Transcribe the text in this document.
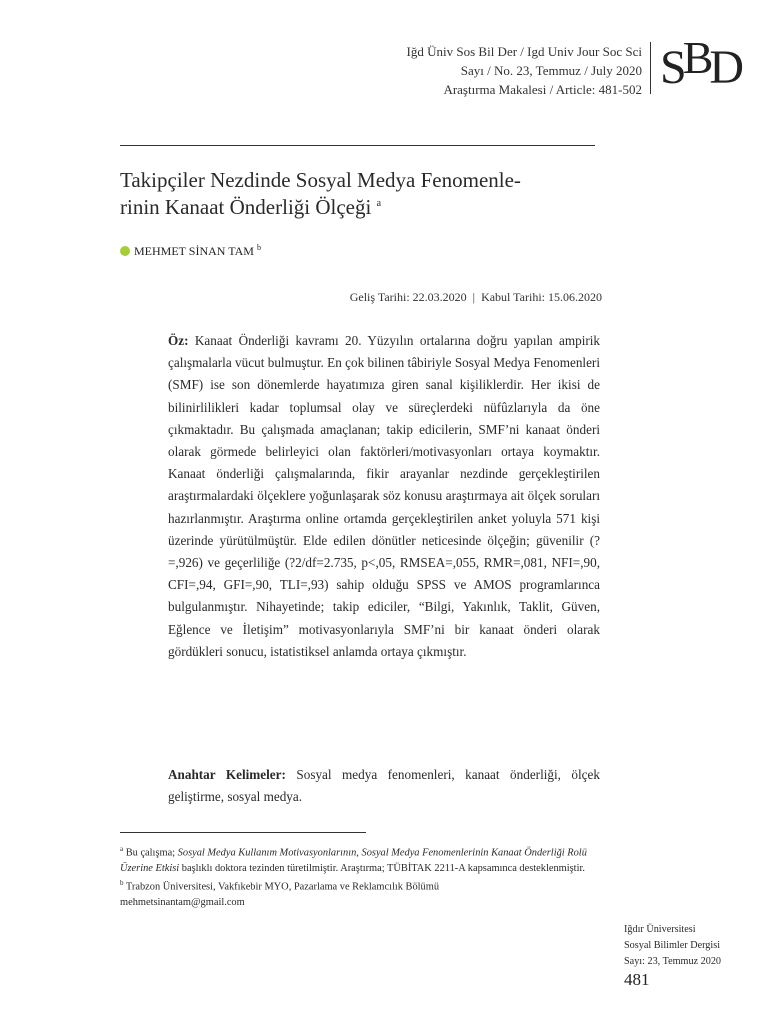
Iğd Üniv Sos Bil Der / Igd Univ Jour Soc Sci
Sayı / No. 23, Temmuz / July 2020
Araştırma Makalesi / Article: 481-502 SBD
Takipçiler Nezdinde Sosyal Medya Fenomenle-
rinin Kanaat Önderliği Ölçeği $^a$
MEHMET SİNAN TAM $^b$
Geliş Tarihi: 22.03.2020 | Kabul Tarihi: 15.06.2020

Öz: Kanaat Önderliği kavramı 20. Yüzyılın ortalarına doğru yapılan ampirik çalışmalarla vücut bulmuştur. En çok bilinen tâbiriyle Sosyal Medya Fenomenleri (SMF) ise son dönemlerde hayatımıza giren sanal kişiliklerdir. Her ikisi de bilinirlilikleri kadar toplumsal olay ve süreçlerdeki nüfûzlarıyla da öne çıkmaktadır. Bu çalışmada amaçlanan; takip edicilerin, SMF’ni kanaat önderi olarak görmede belirleyici olan faktörleri/motivasyonları ortaya koymaktır. Kanaat önderliği çalışmalarında, fikir arayanlar nezdinde gerçekleştirilen araştırmalardaki ölçeklere yoğunlaşarak söz konusu araştırmaya ait ölçek soruları hazırlanmıştır. Araştırma online ortamda gerçekleştirilen anket yoluyla 571 kişi üzerinde yürütülmüştür. Elde edilen dönütler neticesinde ölçeğin; güvenilir (?=,926) ve geçerliliğe (?2/df=2.735, p<,05, RMSEA=,055, RMR=,081, NFI=,90, CFI=,94, GFI=,90, TLI=,93) sahip olduğu SPSS ve AMOS programlarınca bulgulanmıştır. Nihayetinde; takip ediciler, “Bilgi, Yakınlık, Taklit, Güven, Eğlence ve İletişim” motivasyonlarıyla SMF’ni bir kanaat önderi olarak gördükleri sonucu, istatistiksel anlamda ortaya çıkmıştır.

Anahtar Kelimeler: Sosyal medya fenomenleri, kanaat önderliği, ölçek geliştirme, sosyal medya.

$^a$ Bu çalışma; Sosyal Medya Kullanım Motivasyonlarının, Sosyal Medya Fenomenlerinin Kanaat Önderliği Rolü Üzerine Etkisi başlıklı doktora tezinden türetilmiştir. Araştırma; TÜBİTAK 2211-A kapsamınca desteklenmiştir.

$^b$ Trabzon Üniversitesi, Vakfıkebir MYO, Pazarlama ve Reklamcılık Bölümü
mehmetsinantam@gmail.com

Iğdır Üniversitesi
Sosyal Bilimler Dergisi
Sayı: 23, Temmuz 2020
481
